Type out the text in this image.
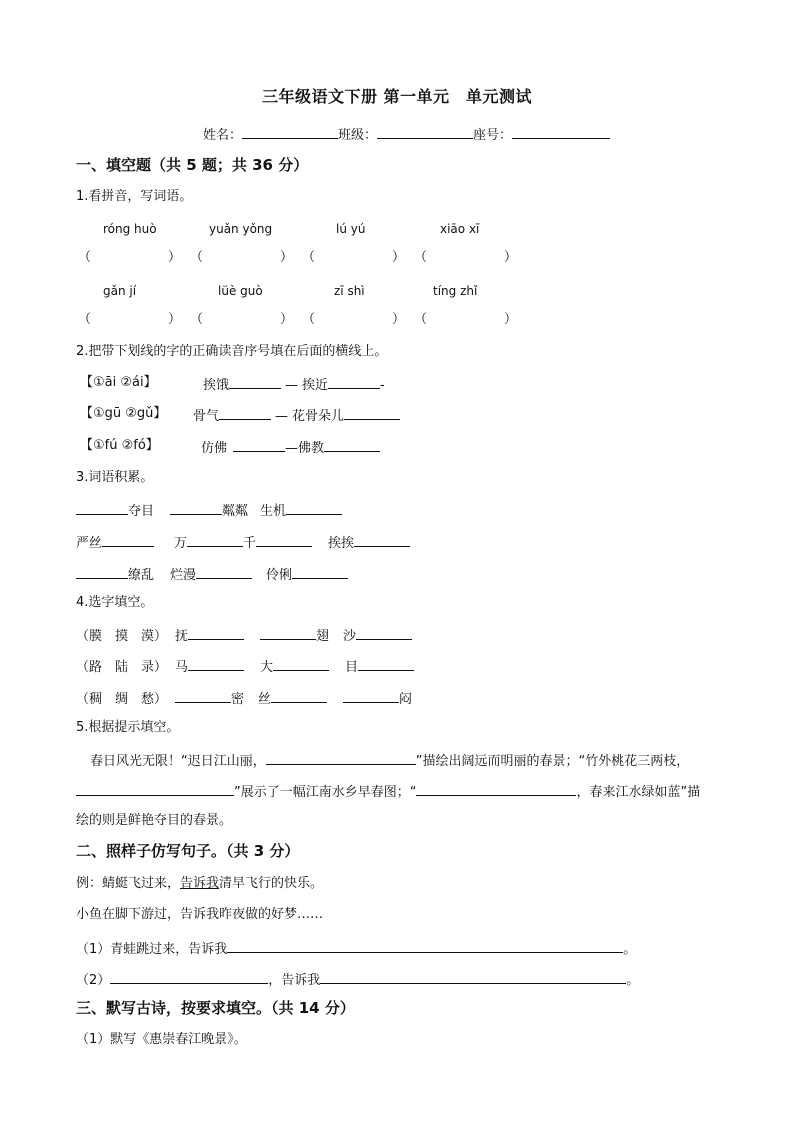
三年级语文下册 第一单元　单元测试
姓名：	班级：	座号：
一、填空题（共 5 题；共 36 分）
1.看拼音，写词语。
róng huò	yuǎn yǒng	lú yú	xiāo xī
（	） （	） （	） （	）
gǎn jí	lüè guò	zī shì	tíng zhǐ
（	） （	） （	） （	）
2.把带下划线的字的正确读音序号填在后面的横线上。
【①āi ②ái】	挨饿	— 挨近	-
【①gū ②gǔ】 骨气	— 花骨朵儿
【①fú ②fó】	仿佛	—佛教
3.词语积累。
夺目	粼粼 生机
严丝	万	千	挨挨
缭乱 烂漫	伶俐
4.选字填空。
（膜　摸　漠） 抚	翅 沙
（路　陆　录） 马	大	目
（稠　绸　愁）	密 丝	闷
5.根据提示填空。
春日风光无限！“迟日江山丽，	”描绘出阔远而明丽的春景；“竹外桃花三两枝，
”展示了一幅江南水乡早春图；“	，春来江水绿如蓝”描
绘的则是鲜艳夺目的春景。
二、照样子仿写句子。（共 3 分）
例：蜻蜓飞过来，告诉我清早飞行的快乐。
小鱼在脚下游过，告诉我昨夜做的好梦……
（1）青蛙跳过来，告诉我	。
（2）	，告诉我	。
三、默写古诗，按要求填空。（共 14 分）
（1）默写《惠崇春江晚景》。
